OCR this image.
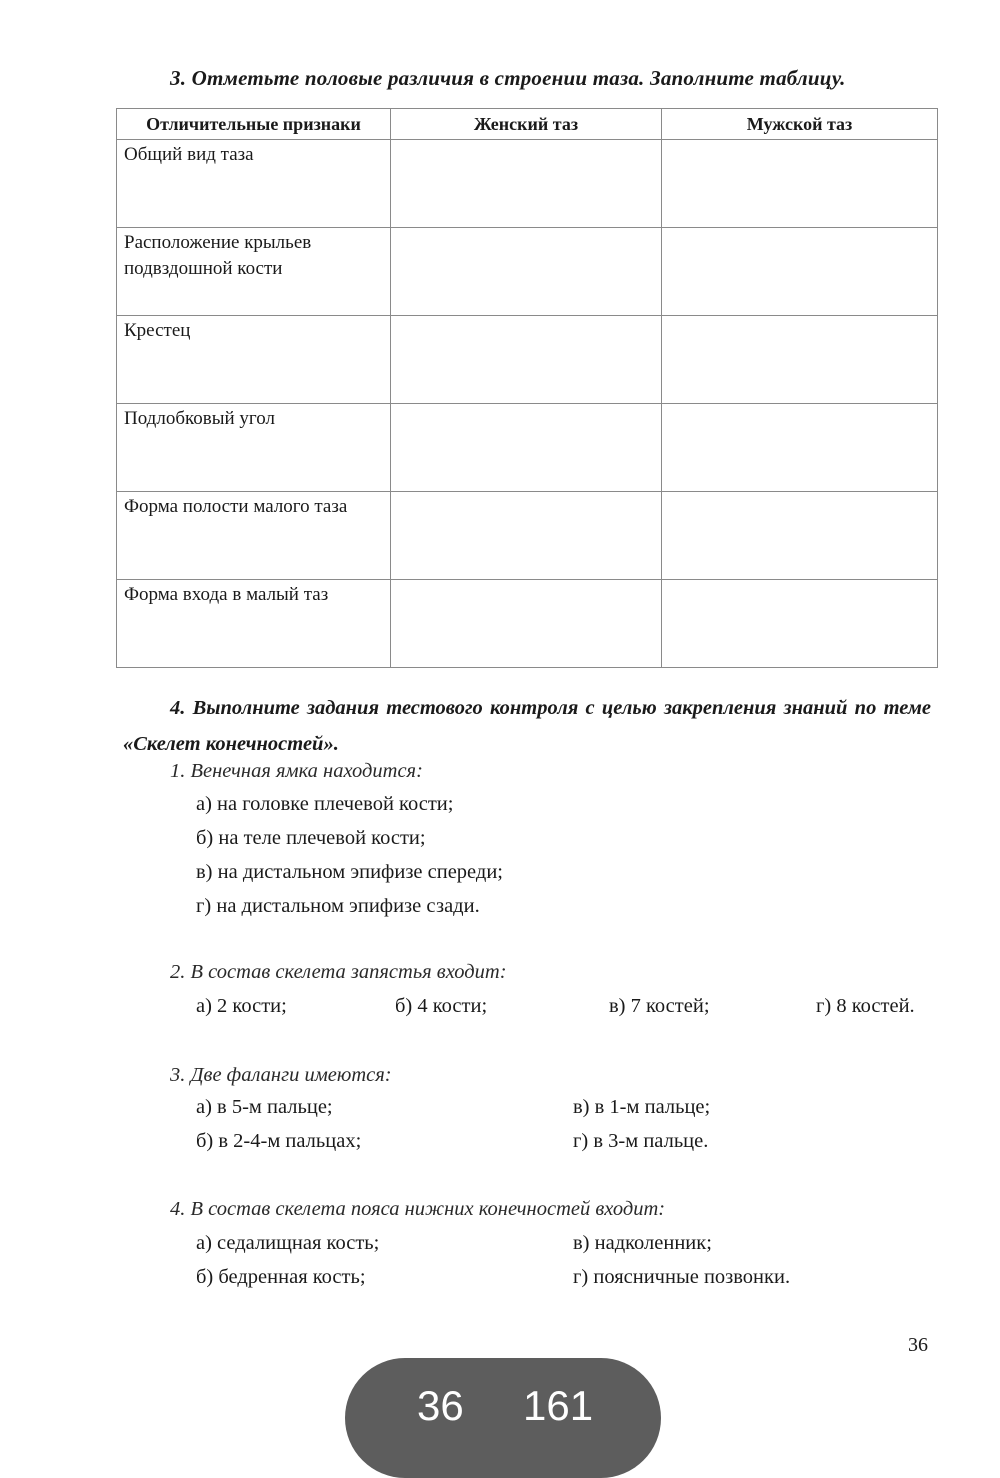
3. Отметьте половые различия в строении таза. Заполните таблицу.
Отличительные признаки	Женский таз	Мужской таз
Общий вид таза		
Расположение крыльев подвздошной кости		
Крестец		
Подлобковый угол		
Форма полости малого таза		
Форма входа в малый таз		
4. Выполните задания тестового контроля с целью закрепления знаний по теме «Скелет конечностей».
1. Венечная ямка находится:
а) на головке плечевой кости;
б) на теле плечевой кости;
в) на дистальном эпифизе спереди;
г) на дистальном эпифизе сзади.
2. В состав скелета запястья входит:
а) 2 кости;	б) 4 кости;	в) 7 костей;	г) 8 костей.
3. Две фаланги имеются:
а) в 5-м пальце;	в) в 1-м пальце;
б) в 2-4-м пальцах;	г) в 3-м пальце.
4. В состав скелета пояса нижних конечностей входит:
а) седалищная кость;	в) надколенник;
б) бедренная кость;	г) поясничные позвонки.
36
36 161
